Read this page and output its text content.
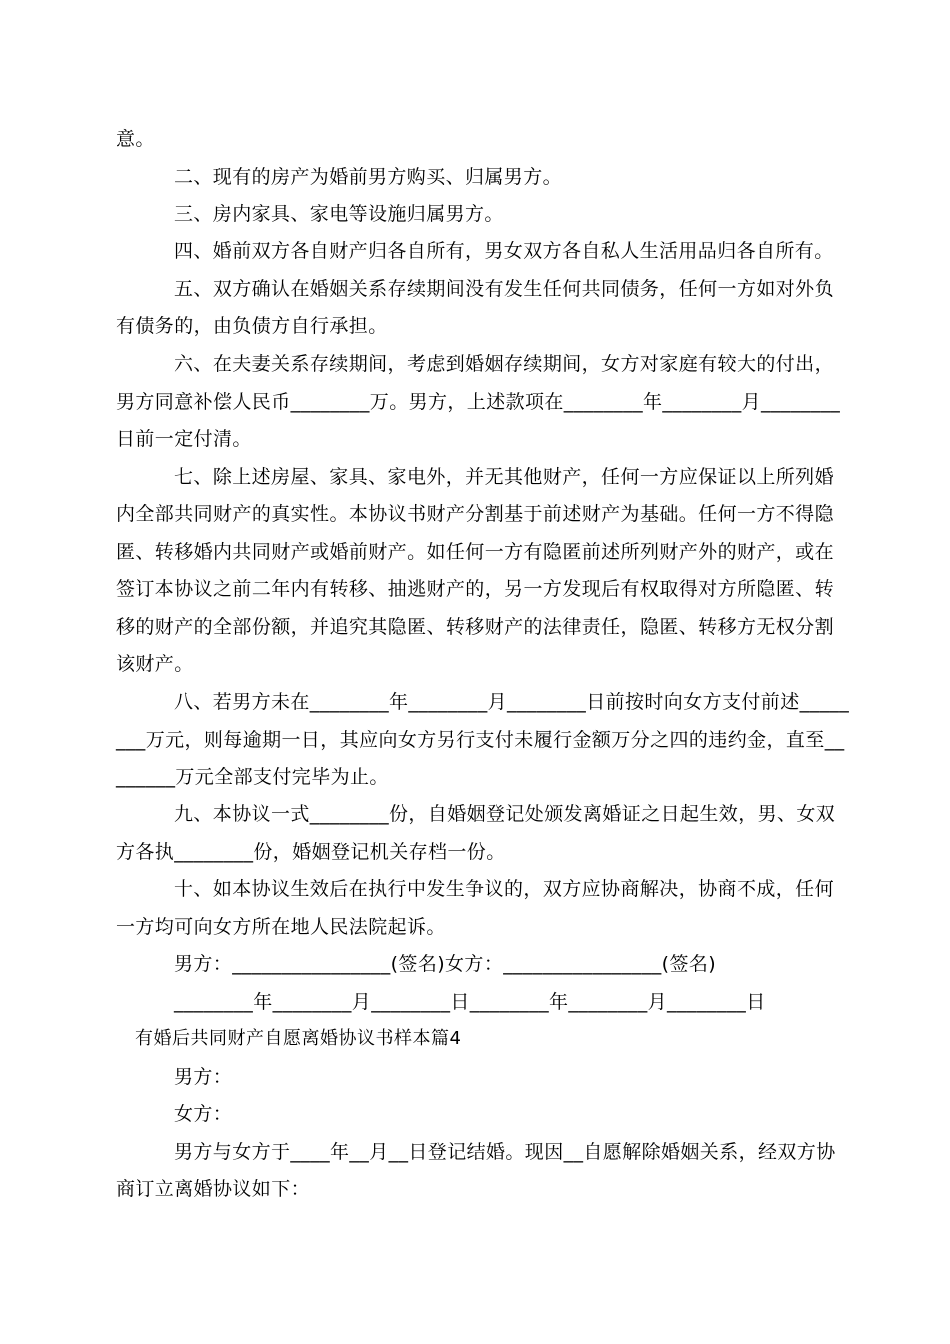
意。
二、现有的房产为婚前男方购买、归属男方。
三、房内家具、家电等设施归属男方。
四、婚前双方各自财产归各自所有，男女双方各自私人生活用品归各自所有。
五、双方确认在婚姻关系存续期间没有发生任何共同债务，任何一方如对外负
有债务的，由负债方自行承担。
六、在夫妻关系存续期间，考虑到婚姻存续期间，女方对家庭有较大的付出，
男方同意补偿人民币________万。男方，上述款项在________年________月________
日前一定付清。
七、除上述房屋、家具、家电外，并无其他财产，任何一方应保证以上所列婚
内全部共同财产的真实性。本协议书财产分割基于前述财产为基础。任何一方不得隐
匿、转移婚内共同财产或婚前财产。如任何一方有隐匿前述所列财产外的财产，或在
签订本协议之前二年内有转移、抽逃财产的，另一方发现后有权取得对方所隐匿、转
移的财产的全部份额，并追究其隐匿、转移财产的法律责任，隐匿、转移方无权分割
该财产。
八、若男方未在________年________月________日前按时向女方支付前述_____
___万元，则每逾期一日，其应向女方另行支付未履行金额万分之四的违约金，直至__
______万元全部支付完毕为止。
九、本协议一式________份，自婚姻登记处颁发离婚证之日起生效，男、女双
方各执________份，婚姻登记机关存档一份。
十、如本协议生效后在执行中发生争议的，双方应协商解决，协商不成，任何
一方均可向女方所在地人民法院起诉。
男方：________________(签名)女方：________________(签名)
________年________月________日________年________月________日
有婚后共同财产自愿离婚协议书样本篇4
男方：
女方：
男方与女方于____年__月__日登记结婚。现因__自愿解除婚姻关系，经双方协
商订立离婚协议如下：
